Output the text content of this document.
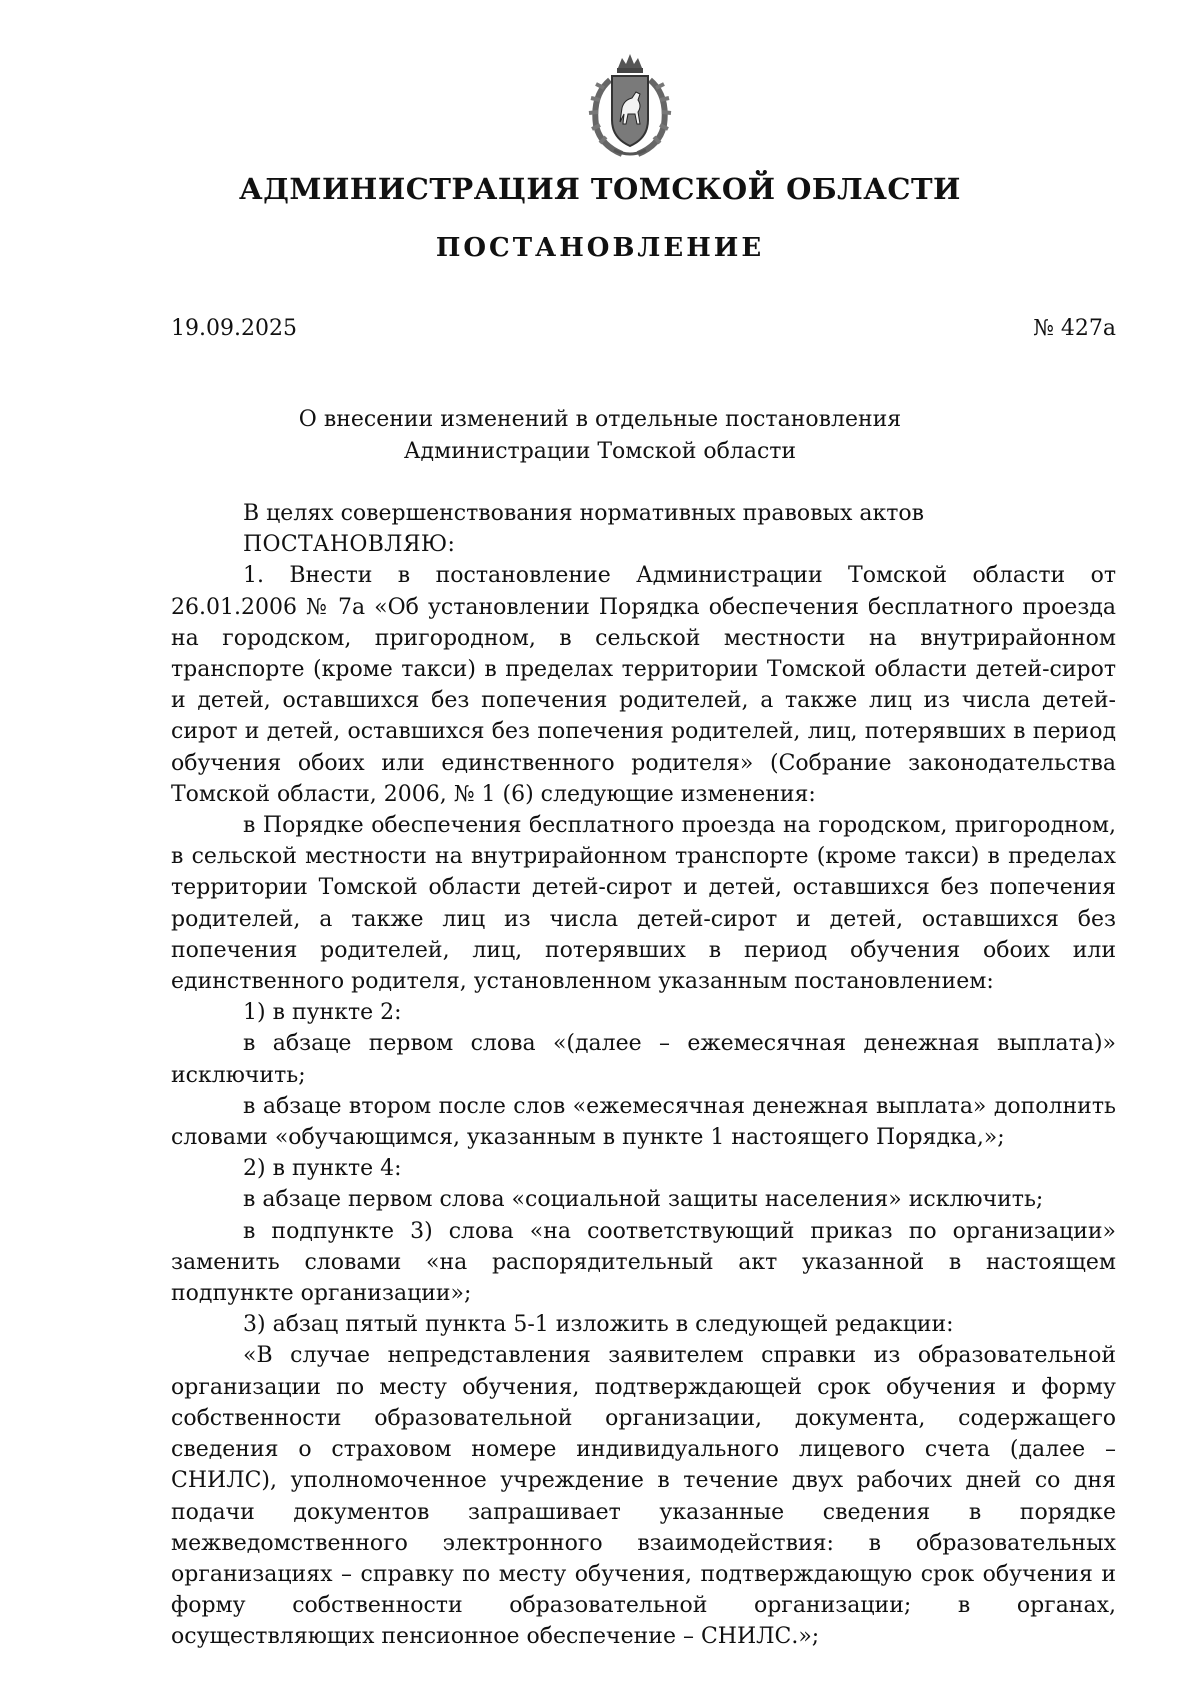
АДМИНИСТРАЦИЯ ТОМСКОЙ ОБЛАСТИ
ПОСТАНОВЛЕНИЕ
19.09.2025	№ 427а
О внесении изменений в отдельные постановления
Администрации Томской области

В целях совершенствования нормативных правовых актов

ПОСТАНОВЛЯЮ:

1. Внести в постановление Администрации Томской области от 26.01.2006 № 7а «Об установлении Порядка обеспечения бесплатного проезда на городском, пригородном, в сельской местности на внутрирайонном транспорте (кроме такси) в пределах территории Томской области детей-сирот и детей, оставшихся без попечения родителей, а также лиц из числа детей-сирот и детей, оставшихся без попечения родителей, лиц, потерявших в период обучения обоих или единственного родителя» (Собрание законодательства Томской области, 2006, № 1 (6) следующие изменения:

в Порядке обеспечения бесплатного проезда на городском, пригородном, в сельской местности на внутрирайонном транспорте (кроме такси) в пределах территории Томской области детей-сирот и детей, оставшихся без попечения родителей, а также лиц из числа детей-сирот и детей, оставшихся без попечения родителей, лиц, потерявших в период обучения обоих или единственного родителя, установленном указанным постановлением:

1) в пункте 2:

в абзаце первом слова «(далее – ежемесячная денежная выплата)» исключить;

в абзаце втором после слов «ежемесячная денежная выплата» дополнить словами «обучающимся, указанным в пункте 1 настоящего Порядка,»;

2) в пункте 4:

в абзаце первом слова «социальной защиты населения» исключить;

в подпункте 3) слова «на соответствующий приказ по организации» заменить словами «на распорядительный акт указанной в настоящем подпункте организации»;

3) абзац пятый пункта 5-1 изложить в следующей редакции:

«В случае непредставления заявителем справки из образовательной организации по месту обучения, подтверждающей срок обучения и форму собственности образовательной организации, документа, содержащего сведения о страховом номере индивидуального лицевого счета (далее – СНИЛС), уполномоченное учреждение в течение двух рабочих дней со дня подачи документов запрашивает указанные сведения в порядке межведомственного электронного взаимодействия: в образовательных организациях – справку по месту обучения, подтверждающую срок обучения и форму собственности образовательной организации; в органах, осуществляющих пенсионное обеспечение – СНИЛС.»;
